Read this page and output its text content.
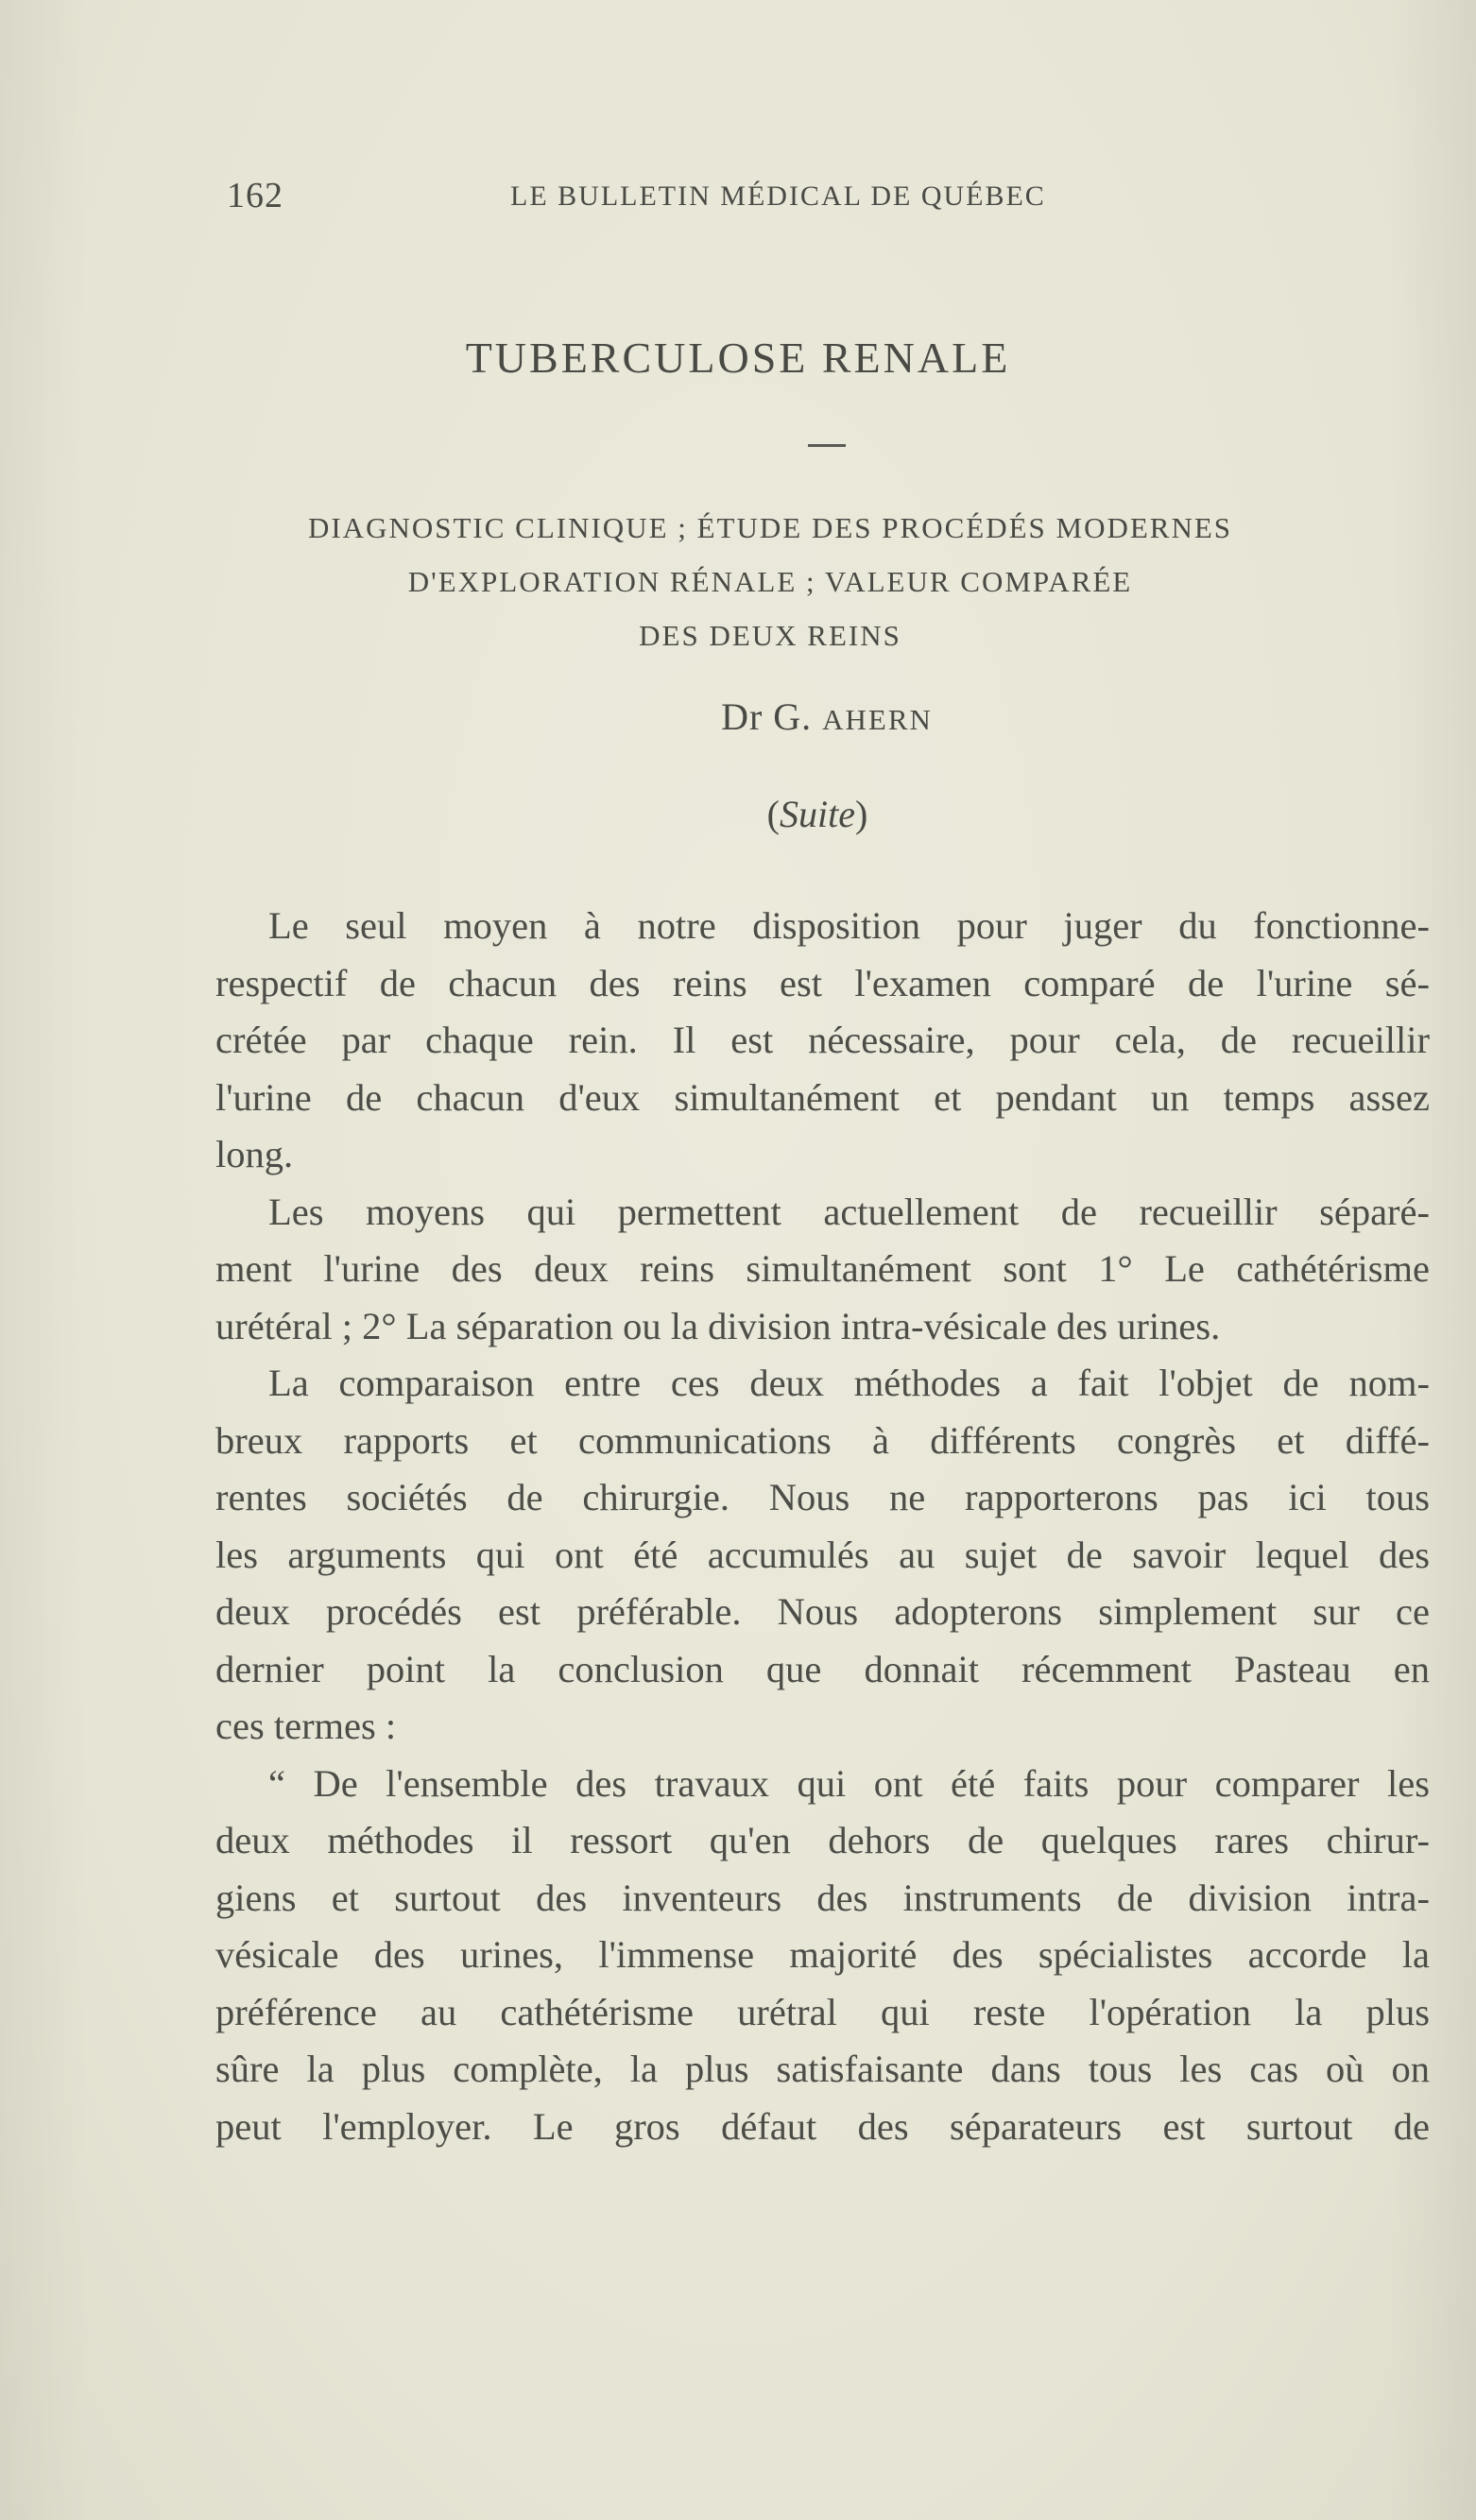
162	LE BULLETIN MÉDICAL DE QUÉBEC
TUBERCULOSE RENALE
DIAGNOSTIC CLINIQUE ; ÉTUDE DES PROCÉDÉS MODERNES
D'EXPLORATION RÉNALE ; VALEUR COMPARÉE
DES DEUX REINS
Dr G. AHERN
(Suite)
Le seul moyen à notre disposition pour juger du fonctionne-
respectif de chacun des reins est l'examen comparé de l'urine sé-
crétée par chaque rein. Il est nécessaire, pour cela, de recueillir
l'urine de chacun d'eux simultanément et pendant un temps assez
long.
Les moyens qui permettent actuellement de recueillir séparé-
ment l'urine des deux reins simultanément sont 1° Le cathétérisme
urétéral ; 2° La séparation ou la division intra-vésicale des urines.
La comparaison entre ces deux méthodes a fait l'objet de nom-
breux rapports et communications à différents congrès et diffé-
rentes sociétés de chirurgie. Nous ne rapporterons pas ici tous
les arguments qui ont été accumulés au sujet de savoir lequel des
deux procédés est préférable. Nous adopterons simplement sur ce
dernier point la conclusion que donnait récemment Pasteau en
ces termes :
“ De l'ensemble des travaux qui ont été faits pour comparer les
deux méthodes il ressort qu'en dehors de quelques rares chirur-
giens et surtout des inventeurs des instruments de division intra-
vésicale des urines, l'immense majorité des spécialistes accorde la
préférence au cathétérisme urétral qui reste l'opération la plus
sûre la plus complète, la plus satisfaisante dans tous les cas où on
peut l'employer. Le gros défaut des séparateurs est surtout de
